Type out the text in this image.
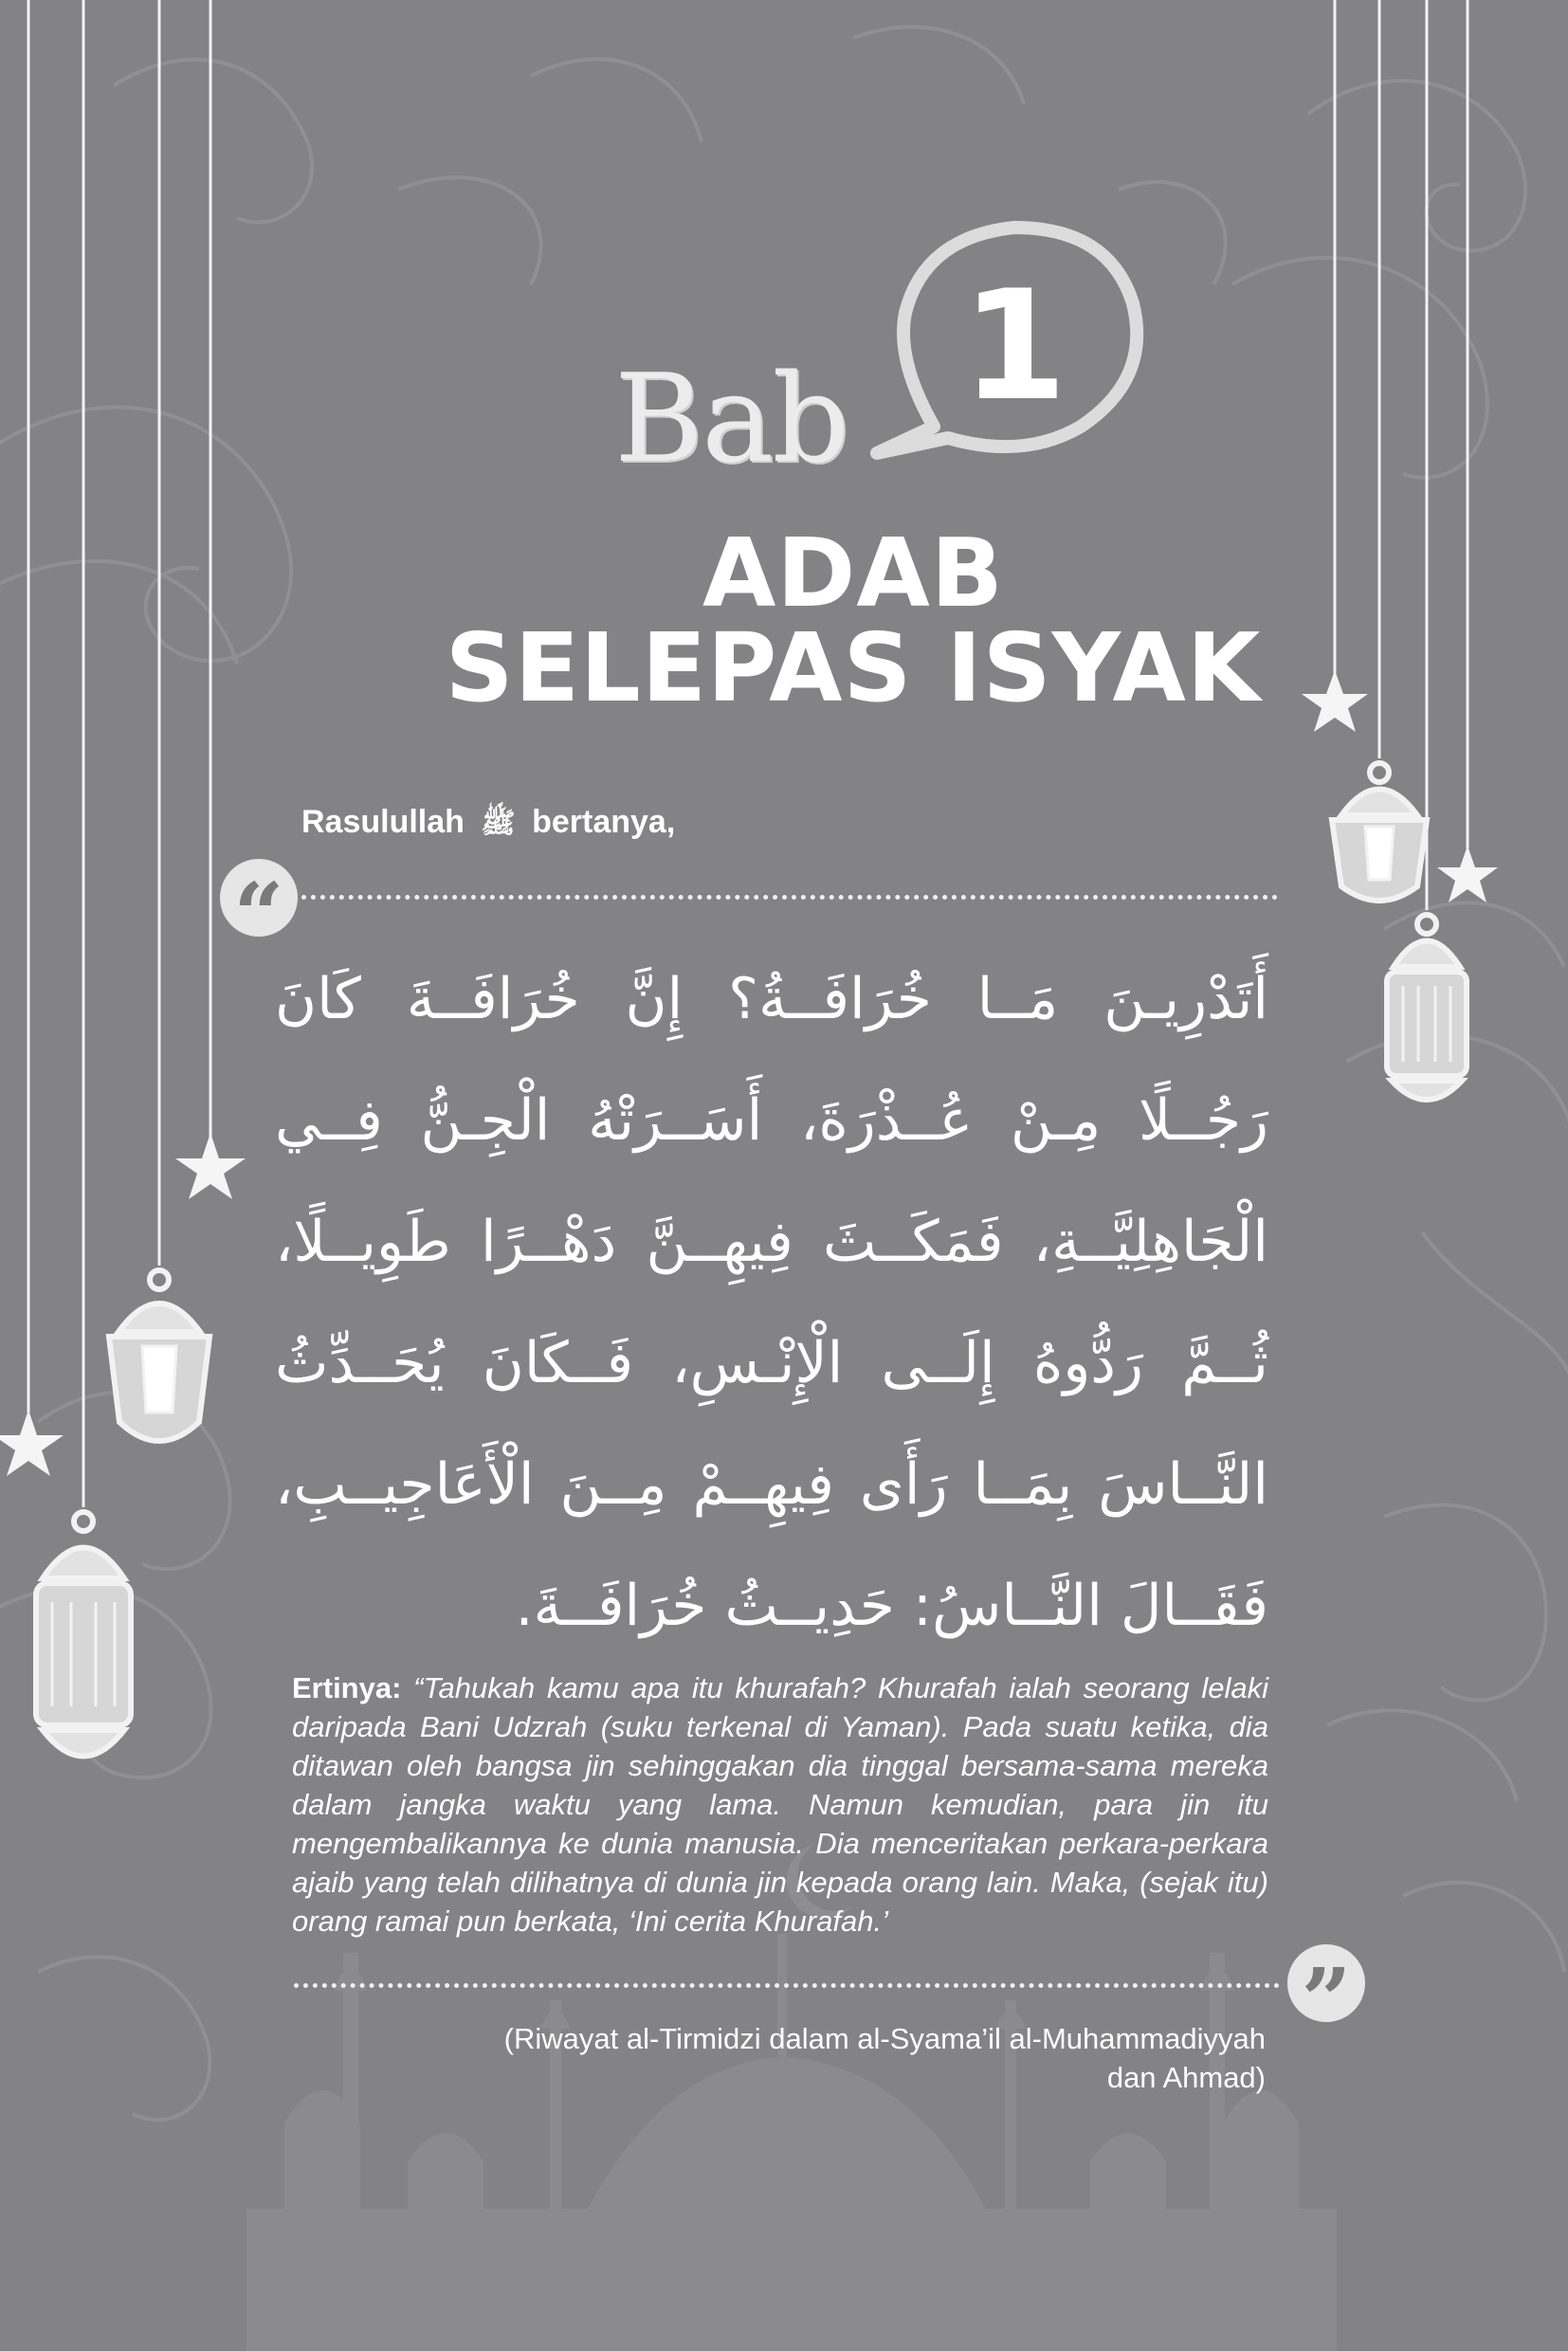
Bab 1
ADAB
SELEPAS ISYAK
Rasulullah ﷺ bertanya,
“
أَتَدْرِيـنَ مَــا خُرَافَــةُ؟ إِنَّ خُرَافَــةَ كَانَ رَجُــلًا مِـنْ عُــذْرَةَ، أَسَــرَتْهُ الْجِـنُّ فِــي الْجَاهِلِيَّــةِ، فَمَكَــثَ فِيهِــنَّ دَهْــرًا طَوِيــلًا، ثُــمَّ رَدُّوهُ إِلَــى الْإِنْـسِ، فَــكَانَ يُحَــدِّثُ النَّــاسَ بِمَــا رَأَى فِيهِــمْ مِــنَ الْأَعَاجِيــبِ، فَقَــالَ النَّــاسُ: حَدِيــثُ خُرَافَــةَ.
Ertinya: “Tahukah kamu apa itu khurafah? Khurafah ialah seorang lelaki daripada Bani Udzrah (suku terkenal di Yaman). Pada suatu ketika, dia ditawan oleh bangsa jin sehinggakan dia tinggal bersama-sama mereka dalam jangka waktu yang lama. Namun kemudian, para jin itu mengembalikannya ke dunia manusia. Dia menceritakan perkara-perkara ajaib yang telah dilihatnya di dunia jin kepada orang lain. Maka, (sejak itu) orang ramai pun berkata, ‘Ini cerita Khurafah.’
”
(Riwayat al-Tirmidzi dalam al-Syama’il al-Muhammadiyyah
dan Ahmad)
